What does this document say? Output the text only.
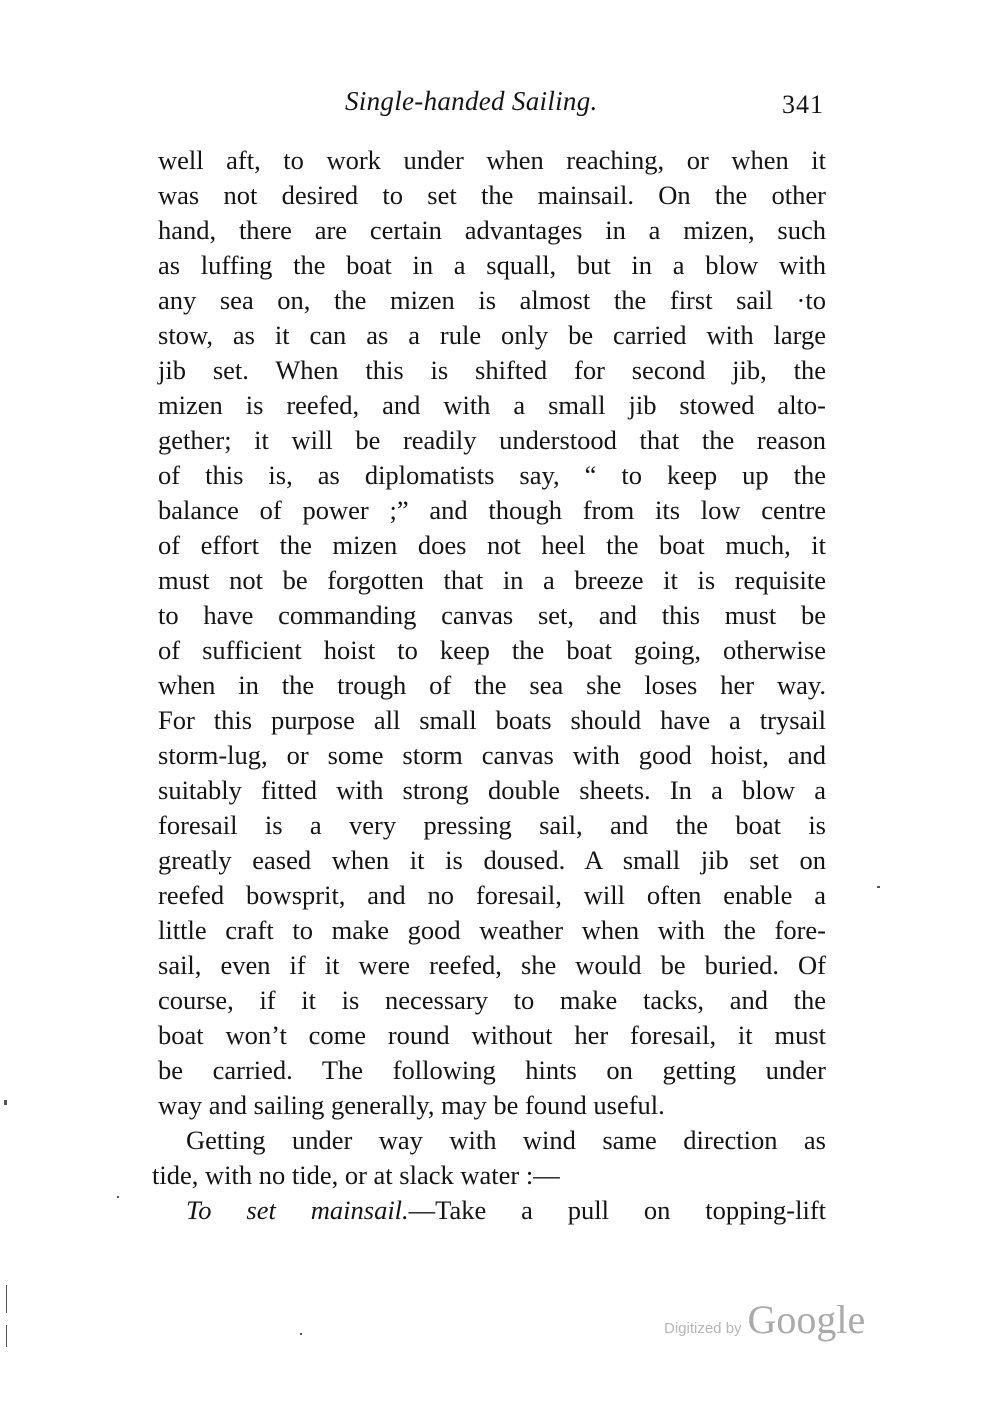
Single-handed Sailing.	341
well aft, to work under when reaching, or when it
was not desired to set the mainsail. On the other
hand, there are certain advantages in a mizen, such
as luffing the boat in a squall, but in a blow with
any sea on, the mizen is almost the first sail ·to
stow, as it can as a rule only be carried with large
jib set. When this is shifted for second jib, the
mizen is reefed, and with a small jib stowed alto-
gether; it will be readily understood that the reason
of this is, as diplomatists say, “ to keep up the
balance of power ;” and though from its low centre
of effort the mizen does not heel the boat much, it
must not be forgotten that in a breeze it is requisite
to have commanding canvas set, and this must be
of sufficient hoist to keep the boat going, otherwise
when in the trough of the sea she loses her way.
For this purpose all small boats should have a trysail
storm-lug, or some storm canvas with good hoist, and
suitably fitted with strong double sheets. In a blow a
foresail is a very pressing sail, and the boat is
greatly eased when it is doused. A small jib set on
reefed bowsprit, and no foresail, will often enable a
little craft to make good weather when with the fore-
sail, even if it were reefed, she would be buried. Of
course, if it is necessary to make tacks, and the
boat won’t come round without her foresail, it must
be carried. The following hints on getting under
way and sailing generally, may be found useful.
Getting under way with wind same direction as
tide, with no tide, or at slack water :—
To set mainsail.—Take a pull on topping-lift
Digitized by Google
